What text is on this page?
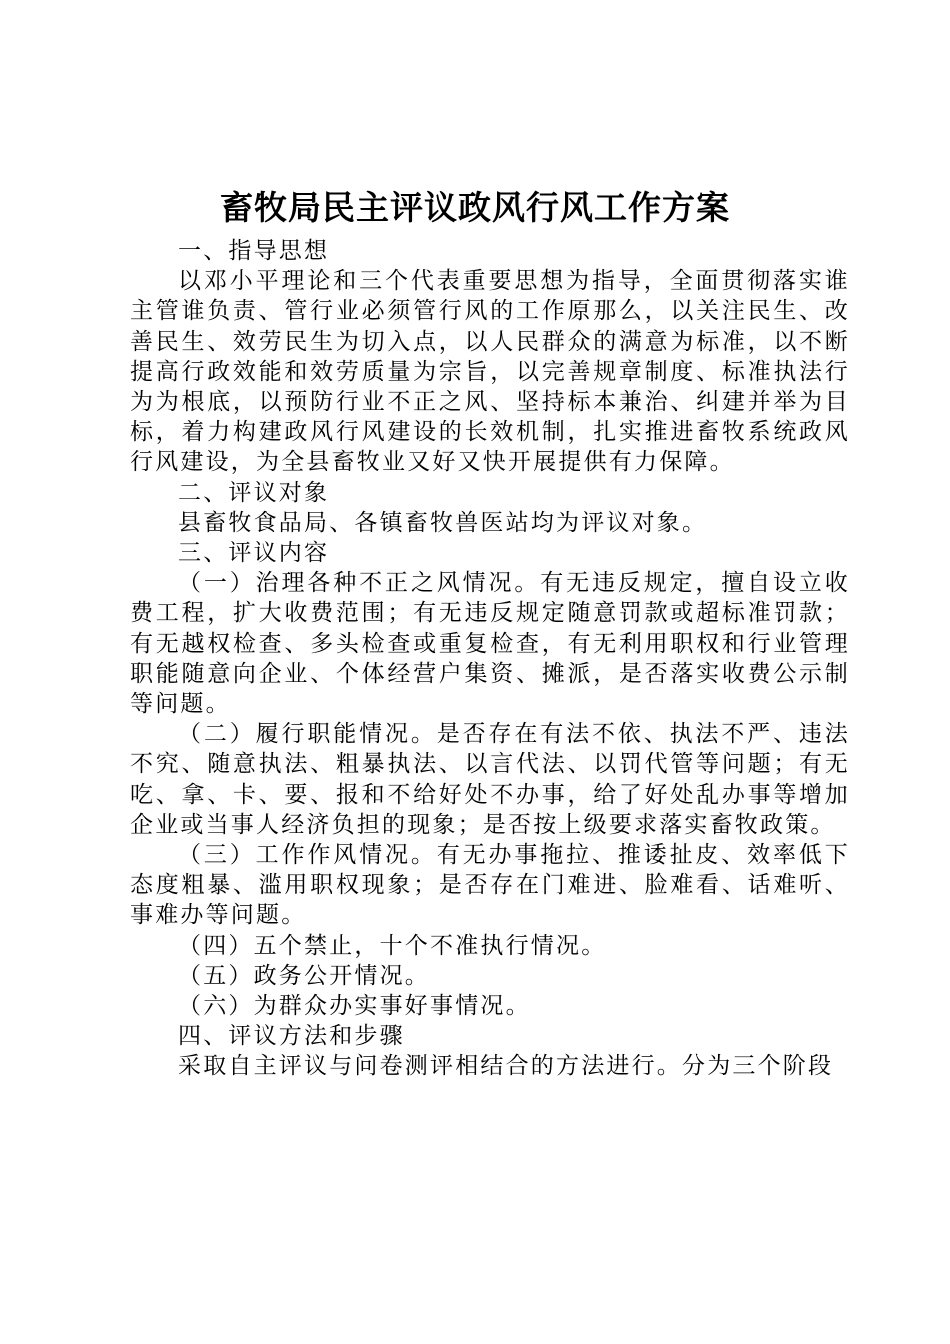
畜牧局民主评议政风行风工作方案

一、指导思想

以邓小平理论和三个代表重要思想为指导，全面贯彻落实谁主管谁负责、管行业必须管行风的工作原那么，以关注民生、改善民生、效劳民生为切入点，以人民群众的满意为标准，以不断提高行政效能和效劳质量为宗旨，以完善规章制度、标准执法行为为根底，以预防行业不正之风、坚持标本兼治、纠建并举为目标，着力构建政风行风建设的长效机制，扎实推进畜牧系统政风行风建设，为全县畜牧业又好又快开展提供有力保障。

二、评议对象

县畜牧食品局、各镇畜牧兽医站均为评议对象。

三、评议内容

（一）治理各种不正之风情况。有无违反规定，擅自设立收费工程，扩大收费范围；有无违反规定随意罚款或超标准罚款；有无越权检查、多头检查或重复检查，有无利用职权和行业管理职能随意向企业、个体经营户集资、摊派，是否落实收费公示制等问题。

（二）履行职能情况。是否存在有法不依、执法不严、违法不究、随意执法、粗暴执法、以言代法、以罚代管等问题；有无吃、拿、卡、要、报和不给好处不办事，给了好处乱办事等增加企业或当事人经济负担的现象；是否按上级要求落实畜牧政策。

（三）工作作风情况。有无办事拖拉、推诿扯皮、效率低下态度粗暴、滥用职权现象；是否存在门难进、脸难看、话难听、事难办等问题。

（四）五个禁止，十个不准执行情况。

（五）政务公开情况。

（六）为群众办实事好事情况。

四、评议方法和步骤

采取自主评议与问卷测评相结合的方法进行。分为三个阶段
